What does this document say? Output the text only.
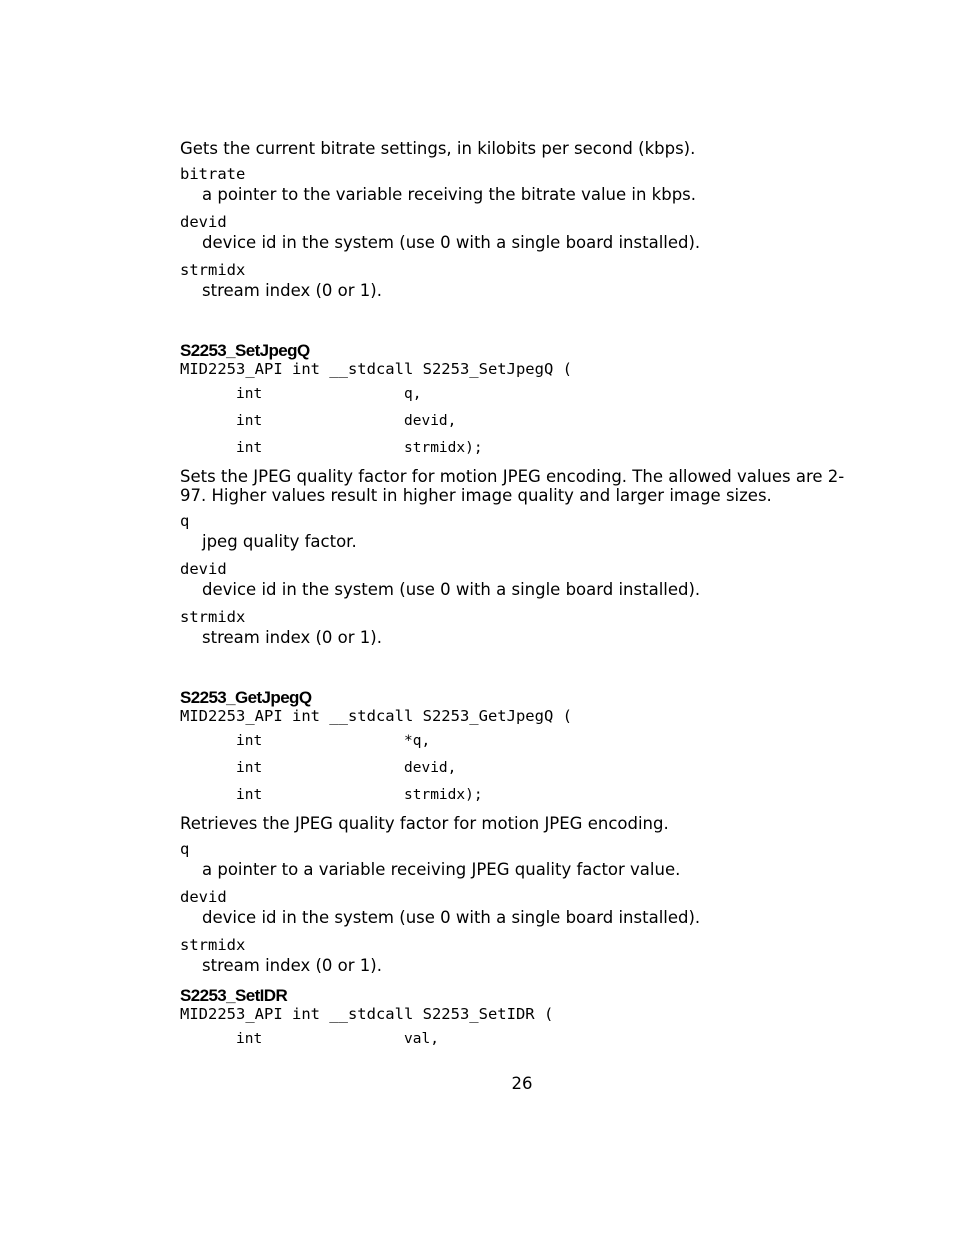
Gets the current bitrate settings, in kilobits per second (kbps).

bitrate

a pointer to the variable receiving the bitrate value in kbps.

devid

device id in the system (use 0 with a single board installed).

strmidx

stream index (0 or 1).

S2253_SetJpegQ

MID2253_API int __stdcall S2253_SetJpegQ (

int	q,
int	devid,
int	strmidx);

Sets the JPEG quality factor for motion JPEG encoding. The allowed values are 2-97. Higher values result in higher image quality and larger image sizes.

q

jpeg quality factor.

devid

device id in the system (use 0 with a single board installed).

strmidx

stream index (0 or 1).

S2253_GetJpegQ

MID2253_API int __stdcall S2253_GetJpegQ (

int	*q,
int	devid,
int	strmidx);

Retrieves the JPEG quality factor for motion JPEG encoding.

q

a pointer to a variable receiving JPEG quality factor value.

devid

device id in the system (use 0 with a single board installed).

strmidx

stream index (0 or 1).

S2253_SetIDR

MID2253_API int __stdcall S2253_SetIDR (

int	val,
26
